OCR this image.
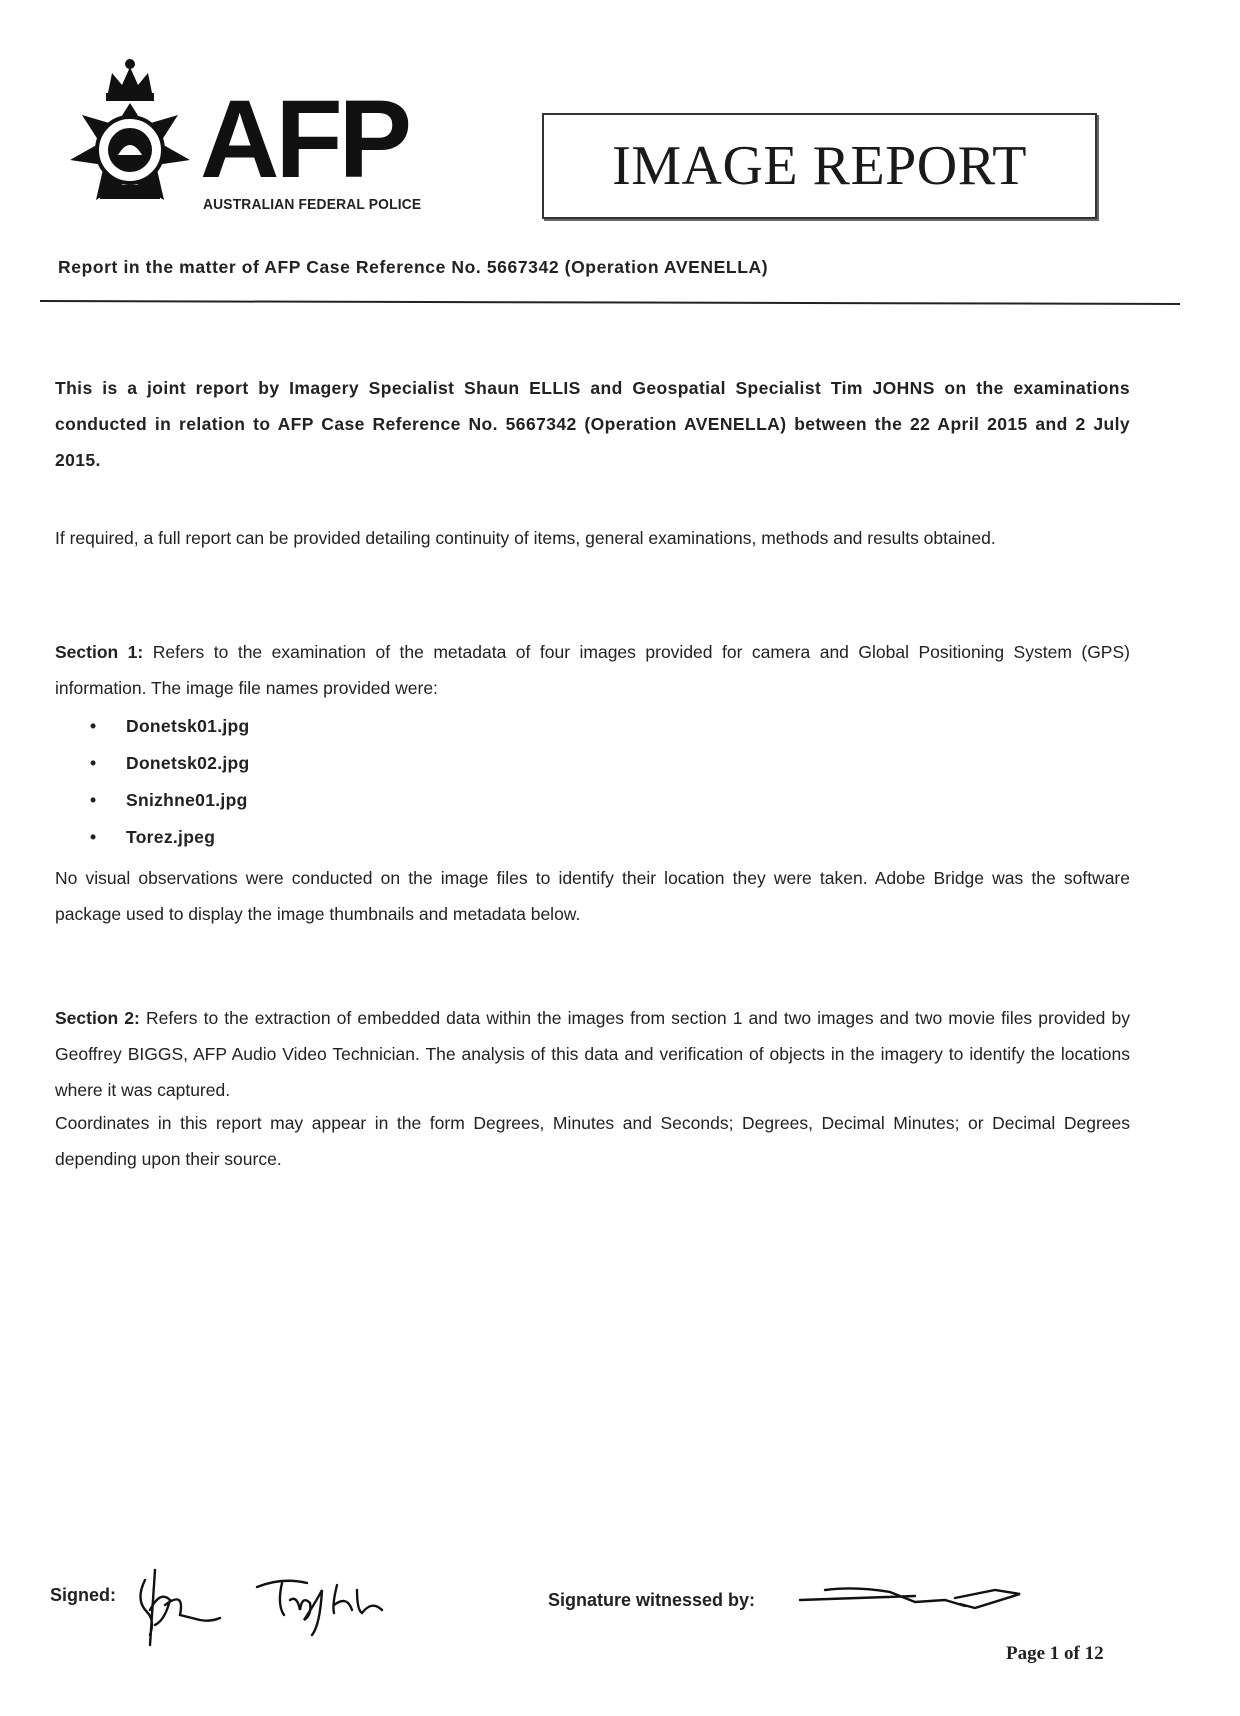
AFP
AUSTRALIAN FEDERAL POLICE
IMAGE REPORT
Report in the matter of AFP Case Reference No. 5667342 (Operation AVENELLA)
This is a joint report by Imagery Specialist Shaun ELLIS and Geospatial Specialist Tim JOHNS on the examinations conducted in relation to AFP Case Reference No. 5667342 (Operation AVENELLA) between the 22 April 2015 and 2 July 2015.
If required, a full report can be provided detailing continuity of items, general examinations, methods and results obtained.
Section 1: Refers to the examination of the metadata of four images provided for camera and Global Positioning System (GPS) information. The image file names provided were:
• Donetsk01.jpg
• Donetsk02.jpg
• Snizhne01.jpg
• Torez.jpeg
No visual observations were conducted on the image files to identify their location they were taken. Adobe Bridge was the software package used to display the image thumbnails and metadata below.
Section 2: Refers to the extraction of embedded data within the images from section 1 and two images and two movie files provided by Geoffrey BIGGS, AFP Audio Video Technician. The analysis of this data and verification of objects in the imagery to identify the locations where it was captured.
Coordinates in this report may appear in the form Degrees, Minutes and Seconds; Degrees, Decimal Minutes; or Decimal Degrees depending upon their source.
Signed:	Signature witnessed by:
Page 1 of 12
